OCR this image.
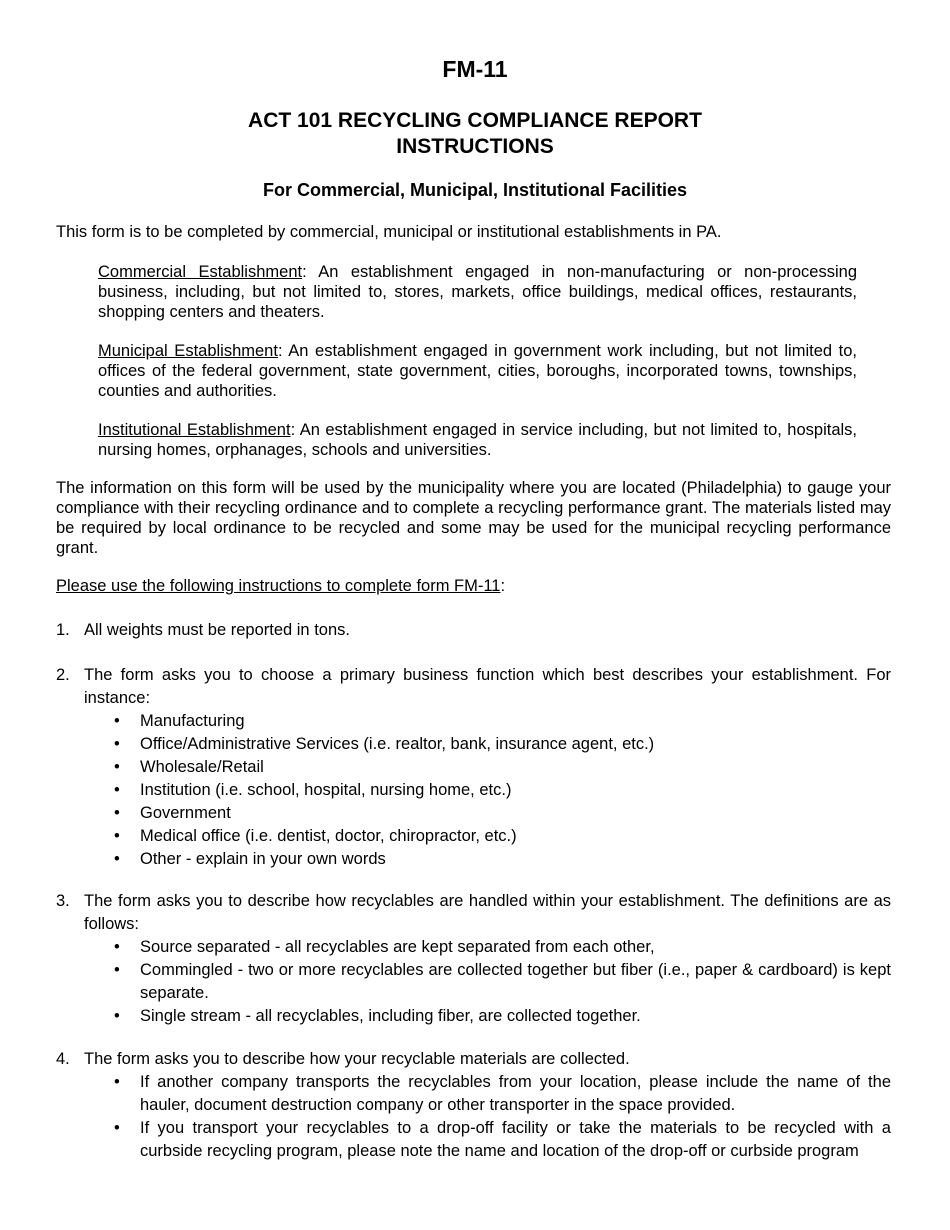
FM-11
ACT 101 RECYCLING COMPLIANCE REPORT
INSTRUCTIONS
For Commercial, Municipal, Institutional Facilities
This form is to be completed by commercial, municipal or institutional establishments in PA.
Commercial Establishment: An establishment engaged in non-manufacturing or non-processing business, including, but not limited to, stores, markets, office buildings, medical offices, restaurants, shopping centers and theaters.
Municipal Establishment: An establishment engaged in government work including, but not limited to, offices of the federal government, state government, cities, boroughs, incorporated towns, townships, counties and authorities.
Institutional Establishment: An establishment engaged in service including, but not limited to, hospitals, nursing homes, orphanages, schools and universities.
The information on this form will be used by the municipality where you are located (Philadelphia) to gauge your compliance with their recycling ordinance and to complete a recycling performance grant. The materials listed may be required by local ordinance to be recycled and some may be used for the municipal recycling performance grant.
Please use the following instructions to complete form FM-11:
1. All weights must be reported in tons.
2. The form asks you to choose a primary business function which best describes your establishment. For instance:
• Manufacturing
• Office/Administrative Services (i.e. realtor, bank, insurance agent, etc.)
• Wholesale/Retail
• Institution (i.e. school, hospital, nursing home, etc.)
• Government
• Medical office (i.e. dentist, doctor, chiropractor, etc.)
• Other - explain in your own words
3. The form asks you to describe how recyclables are handled within your establishment. The definitions are as follows:
• Source separated - all recyclables are kept separated from each other,
• Commingled - two or more recyclables are collected together but fiber (i.e., paper & cardboard) is kept separate.
• Single stream - all recyclables, including fiber, are collected together.
4. The form asks you to describe how your recyclable materials are collected.
• If another company transports the recyclables from your location, please include the name of the hauler, document destruction company or other transporter in the space provided.
• If you transport your recyclables to a drop-off facility or take the materials to be recycled with a curbside recycling program, please note the name and location of the drop-off or curbside program
